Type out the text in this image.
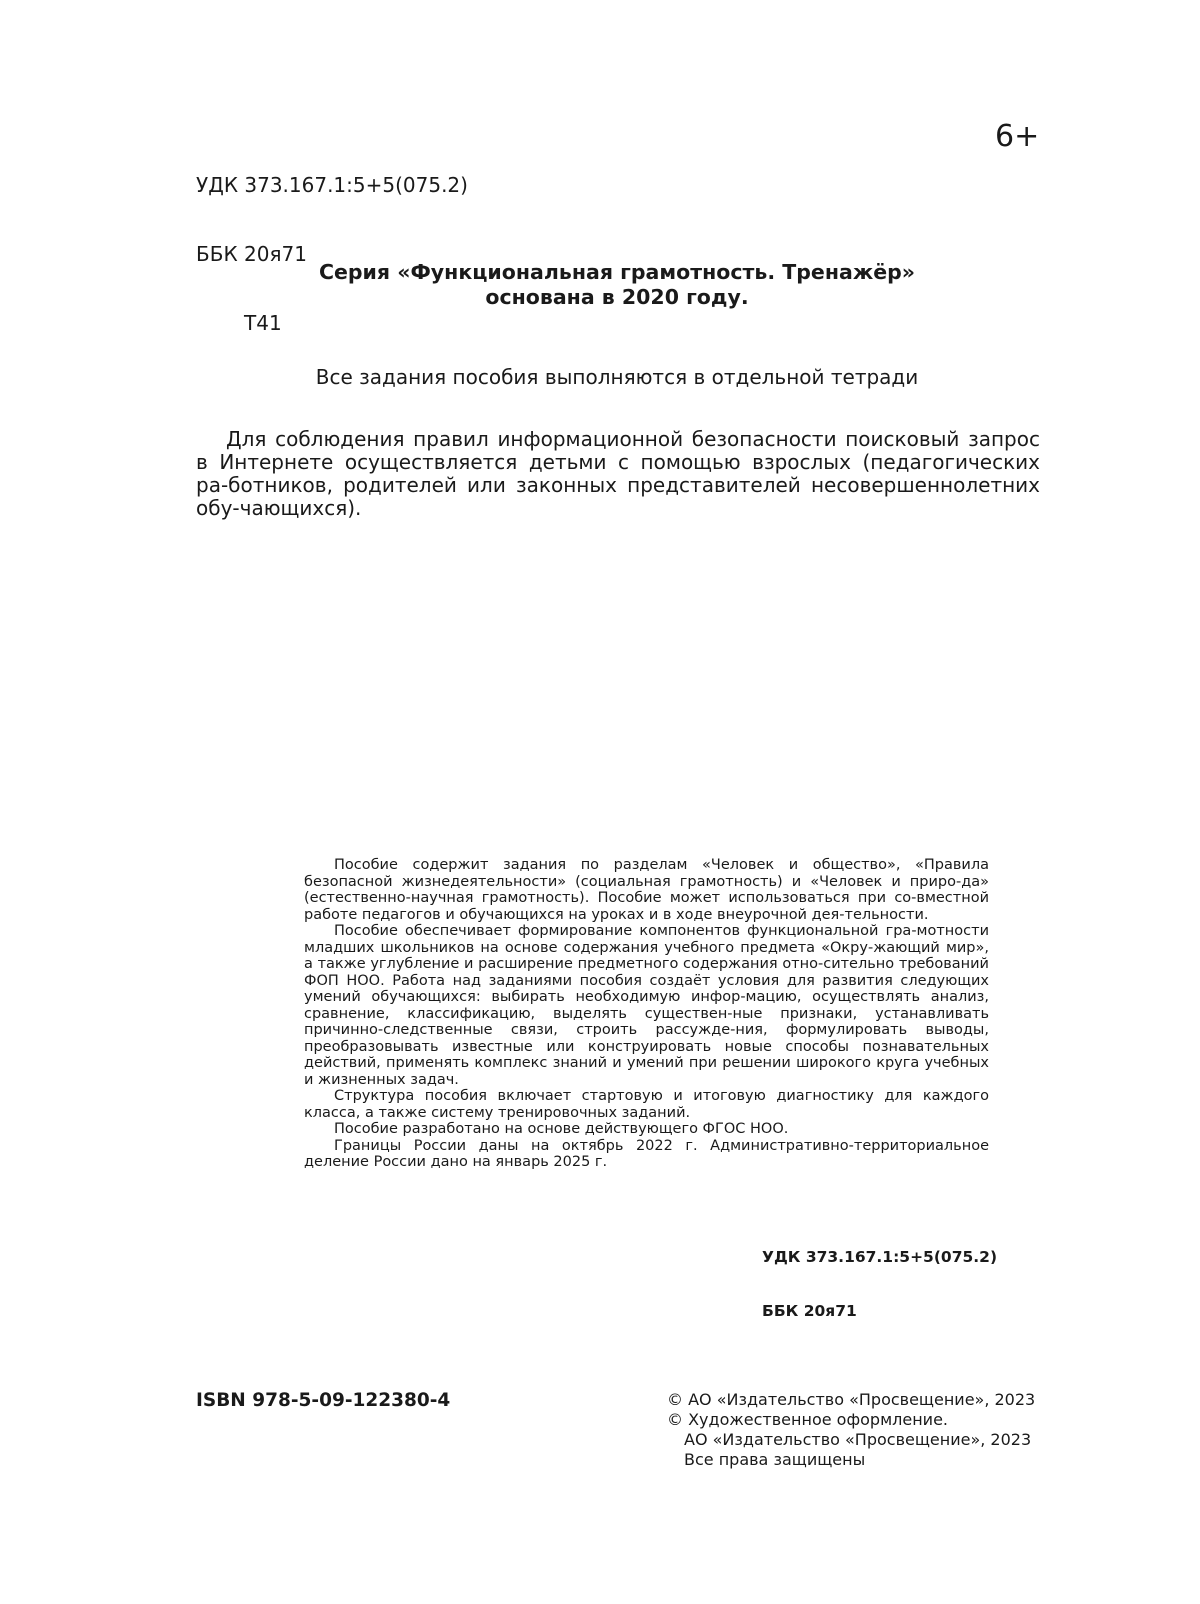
УДК 373.167.1:5+5(075.2)

ББК 20я71

Т41

6+
Серия «Функциональная грамотность. Тренажёр»
основана в 2020 году.
Все задания пособия выполняются в отдельной тетради
Для соблюдения правил информационной безопасности поисковый запрос в Интернете осуществляется детьми с помощью взрослых (педагогических ра-ботников, родителей или законных представителей несовершеннолетних обу-чающихся).

Пособие содержит задания по разделам «Человек и общество», «Правила безопасной жизнедеятельности» (социальная грамотность) и «Человек и приро-да» (естественно-научная грамотность). Пособие может использоваться при со-вместной работе педагогов и обучающихся на уроках и в ходе внеурочной дея-тельности.

Пособие обеспечивает формирование компонентов функциональной гра-мотности младших школьников на основе содержания учебного предмета «Окру-жающий мир», а также углубление и расширение предметного содержания отно-сительно требований ФОП НОО. Работа над заданиями пособия создаёт условия для развития следующих умений обучающихся: выбирать необходимую инфор-мацию, осуществлять анализ, сравнение, классификацию, выделять существен-ные признаки, устанавливать причинно-следственные связи, строить рассужде-ния, формулировать выводы, преобразовывать известные или конструировать новые способы познавательных действий, применять комплекс знаний и умений при решении широкого круга учебных и жизненных задач.

Структура пособия включает стартовую и итоговую диагностику для каждого класса, а также систему тренировочных заданий.

Пособие разработано на основе действующего ФГОС НОО.

Границы России даны на октябрь 2022 г. Административно-территориальное деление России дано на январь 2025 г.

УДК 373.167.1:5+5(075.2)

ББК 20я71

ISBN 978-5-09-122380-4	© АО «Издательство «Просвещение», 2023
© Художественное оформление.
АО «Издательство «Просвещение», 2023
Все права защищены
